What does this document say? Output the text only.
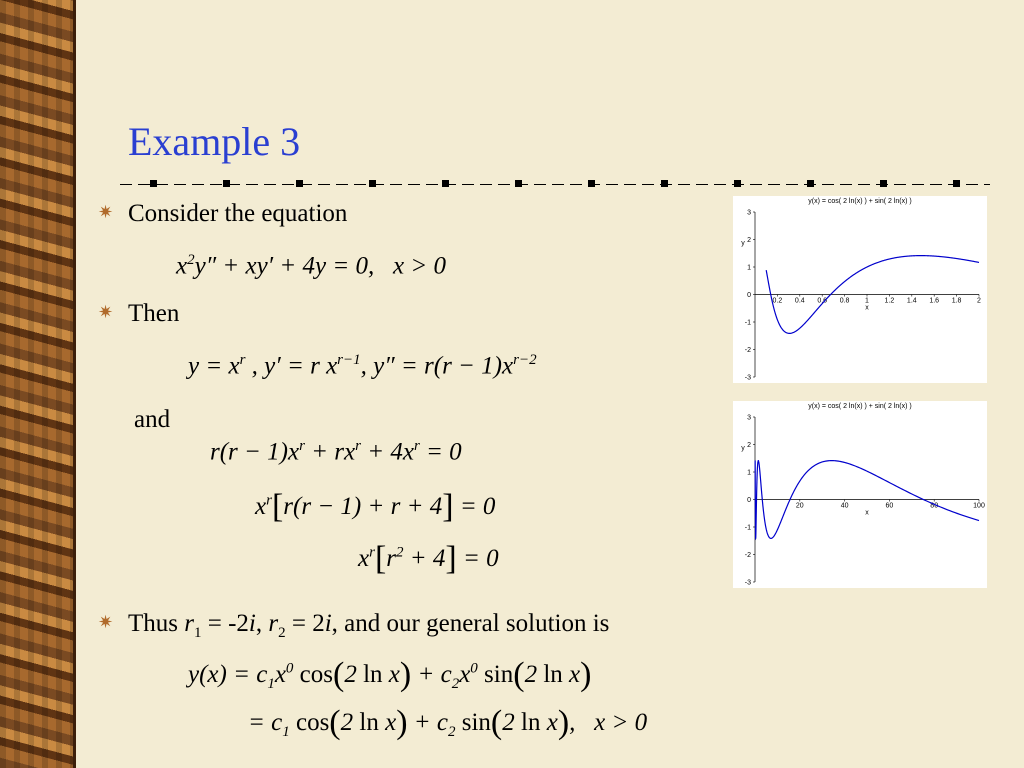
Example 3
✷ Consider the equation
$x^2y'' + xy' + 4y = 0$,   x > 0
✷ Then
$y = x^r$ , y′ = r $x^{r-1}$, $y'' = r(r - 1)x^{r-2}$
and
$r(r - 1)x^r + rx^r + 4x^r = 0$
$x^r[r(r - 1) + r + 4] = 0$
$x^r[r^2 + 4] = 0$
✷ Thus $r_1 = -2i$, $r_2 = 2i$, and our general solution is
$y(x) = c_1x^0$ cos(2 $\ln x) + c_2x^0$ sin(2 ln x)
= $c_1$ cos(2 $\ln x) + c_2$ sin(2 ln x),   x > 0
y(x) = cos( 2 ln(x) ) + sin( 2 ln(x) )
3
2
1
0
-1
-2
-3
0.2 0.4 0.6 0.8 1 1.2 1.4 1.6 1.8 2
x
y
y(x) = cos( 2 ln(x) ) + sin( 2 ln(x) )
3
2
1
0
-1
-2
-3
20	40	60	80	100
x
y
